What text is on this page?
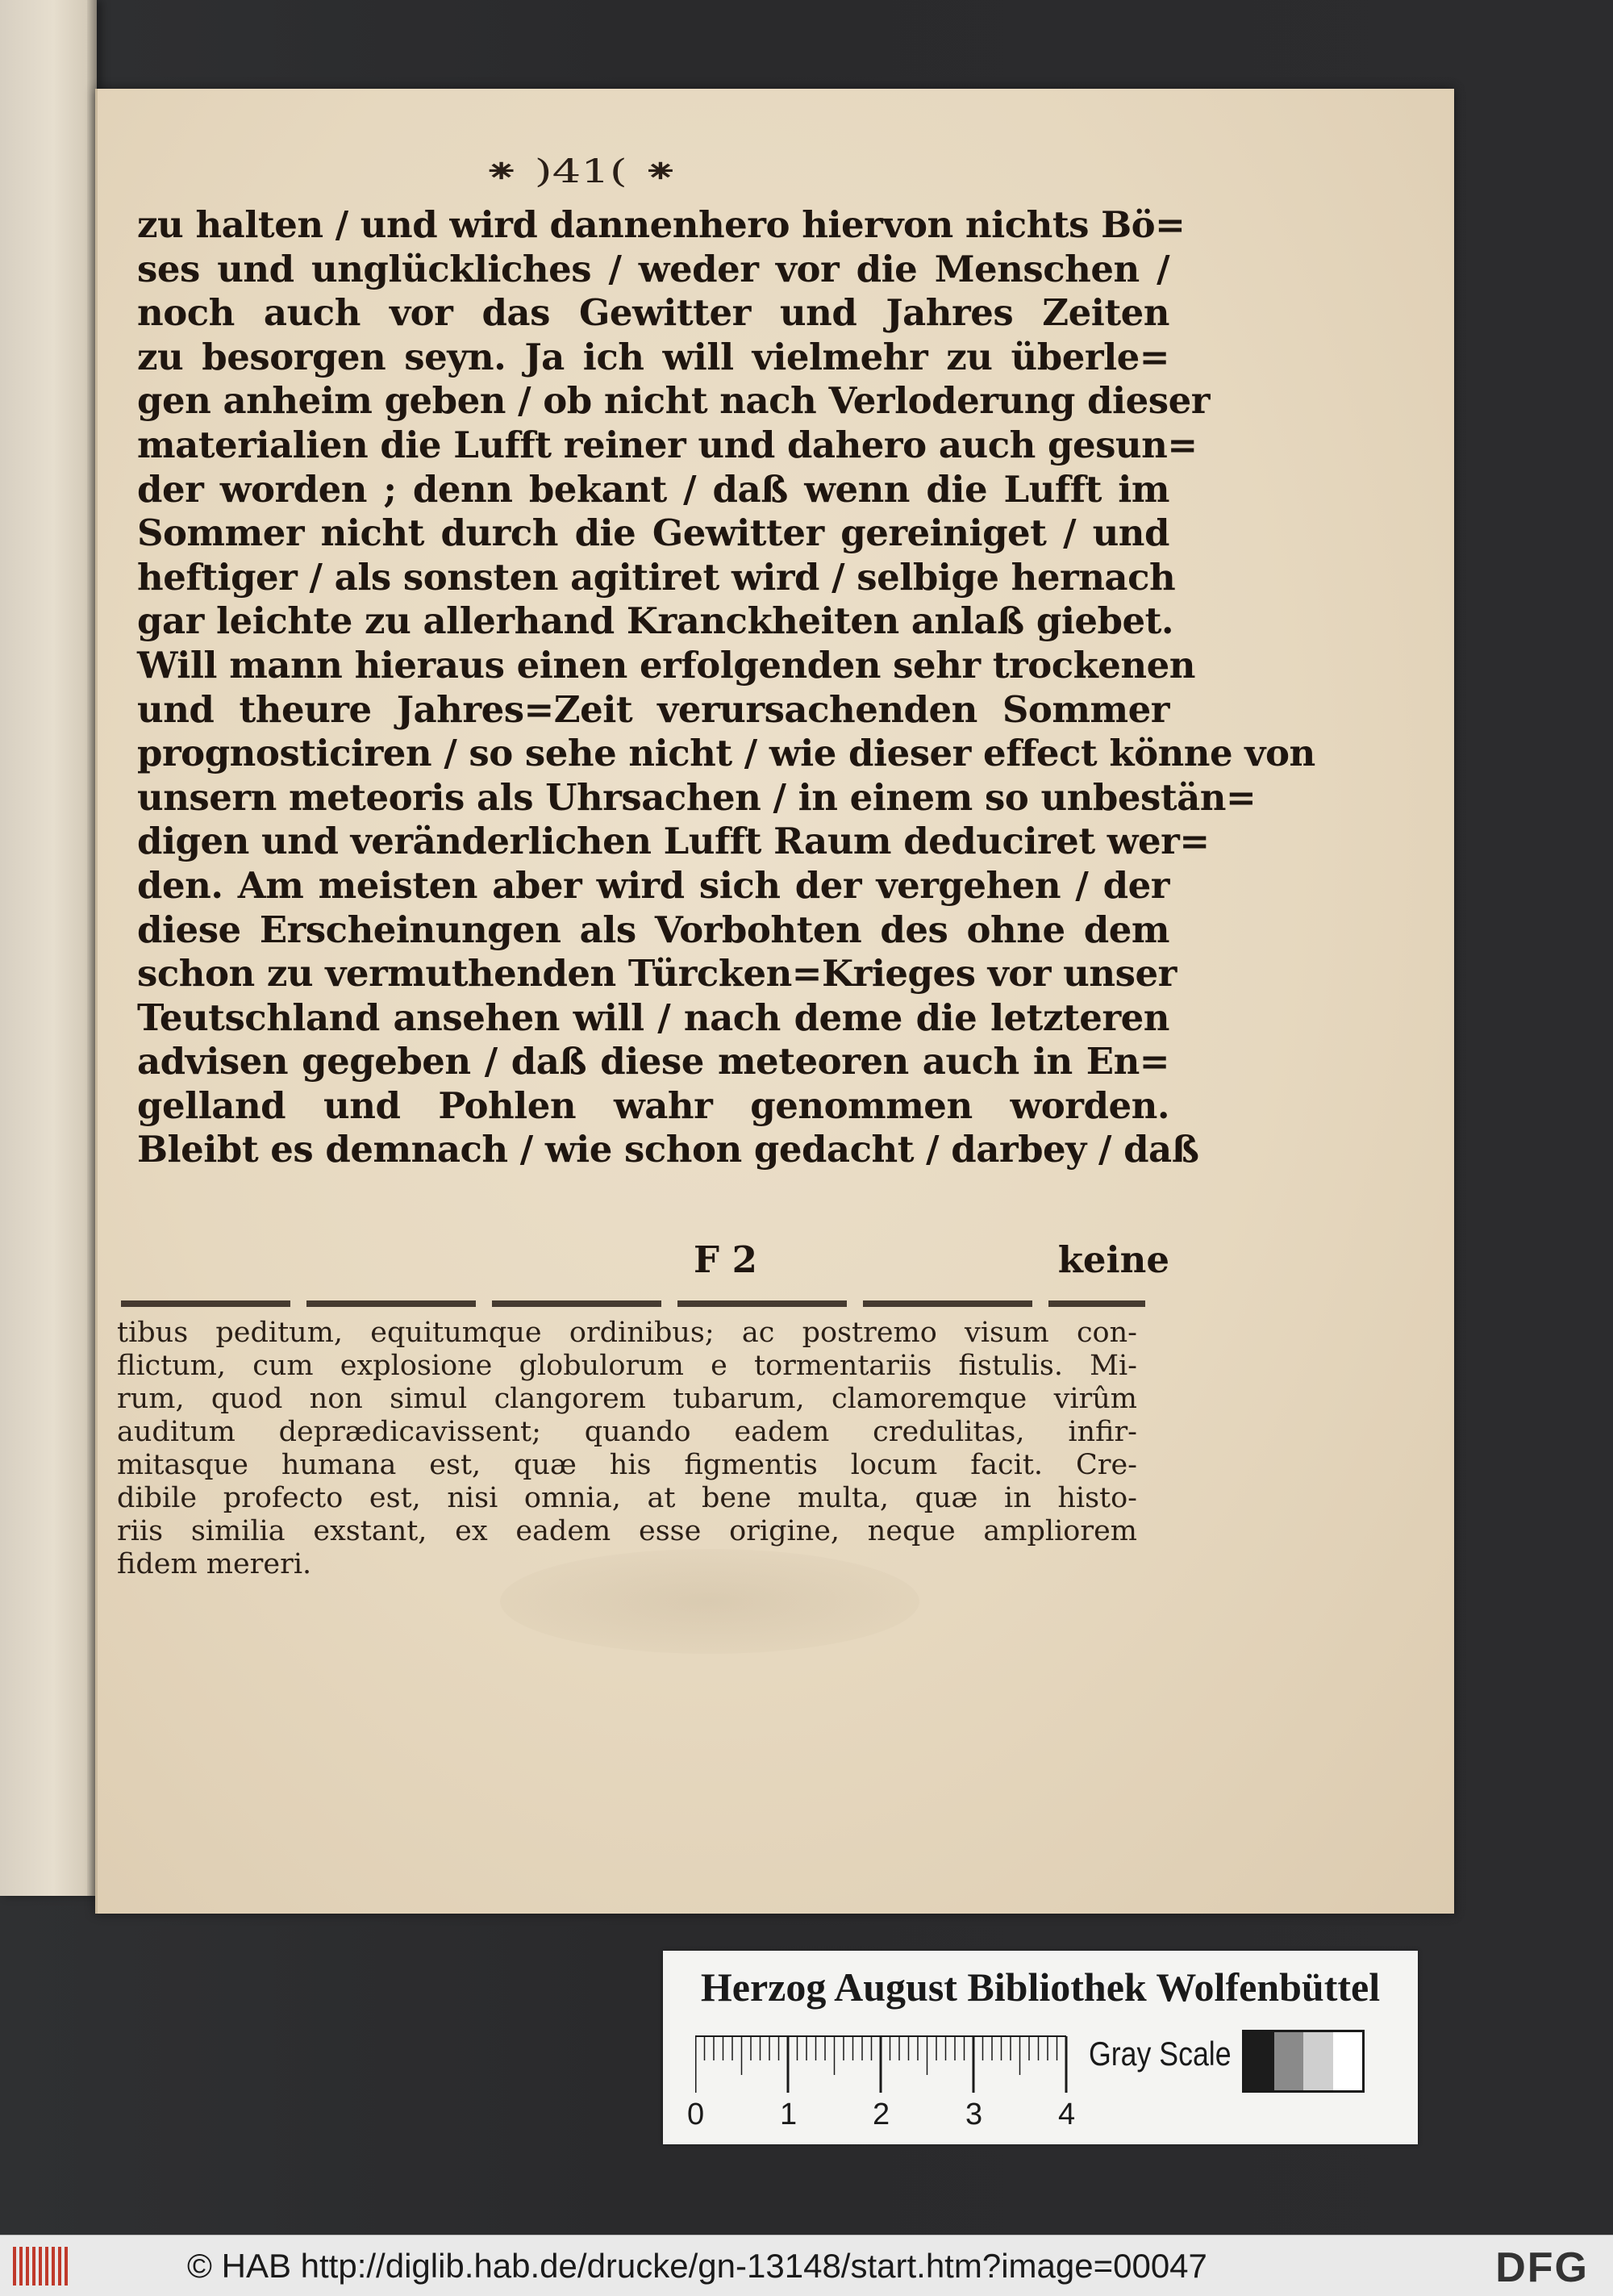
⁕ )41( ⁕
zu halten / und wird dannenhero hiervon nichts Bö=
ses und unglückliches / weder vor die Menschen /
noch auch vor das Gewitter und Jahres Zeiten
zu besorgen seyn. Ja ich will vielmehr zu überle=
gen anheim geben / ob nicht nach Verloderung dieser
materialien die Lufft reiner und dahero auch gesun=
der worden ; denn bekant / daß wenn die Lufft im
Sommer nicht durch die Gewitter gereiniget / und
heftiger / als sonsten agitiret wird / selbige hernach
gar leichte zu allerhand Kranckheiten anlaß giebet.
Will mann hieraus einen erfolgenden sehr trockenen
und theure Jahres=Zeit verursachenden Sommer
prognosticiren / so sehe nicht / wie dieser effect könne von
unsern meteoris als Uhrsachen / in einem so unbestän=
digen und veränderlichen Lufft Raum deduciret wer=
den. Am meisten aber wird sich der vergehen / der
diese Erscheinungen als Vorbohten des ohne dem
schon zu vermuthenden Türcken=Krieges vor unser
Teutschland ansehen will / nach deme die letzteren
advisen gegeben / daß diese meteoren auch in En=
gelland und Pohlen wahr genommen worden.
Bleibt es demnach / wie schon gedacht / darbey / daß
F 2	keine
tibus peditum, equitumque ordinibus; ac postremo visum con-
flictum, cum explosione globulorum e tormentariis fistulis. Mi-
rum, quod non simul clangorem tubarum, clamoremque virûm
auditum deprædicavissent; quando eadem credulitas, infir-
mitasque humana est, quæ his figmentis locum facit. Cre-
dibile profecto est, nisi omnia, at bene multa, quæ in histo-
riis similia exstant, ex eadem esse origine, neque ampliorem
fidem mereri.
Herzog August Bibliothek Wolfenbüttel
0 1 2 3 4
Gray Scale
© HAB http://diglib.hab.de/drucke/gn-13148/start.htm?image=00047	DFG
